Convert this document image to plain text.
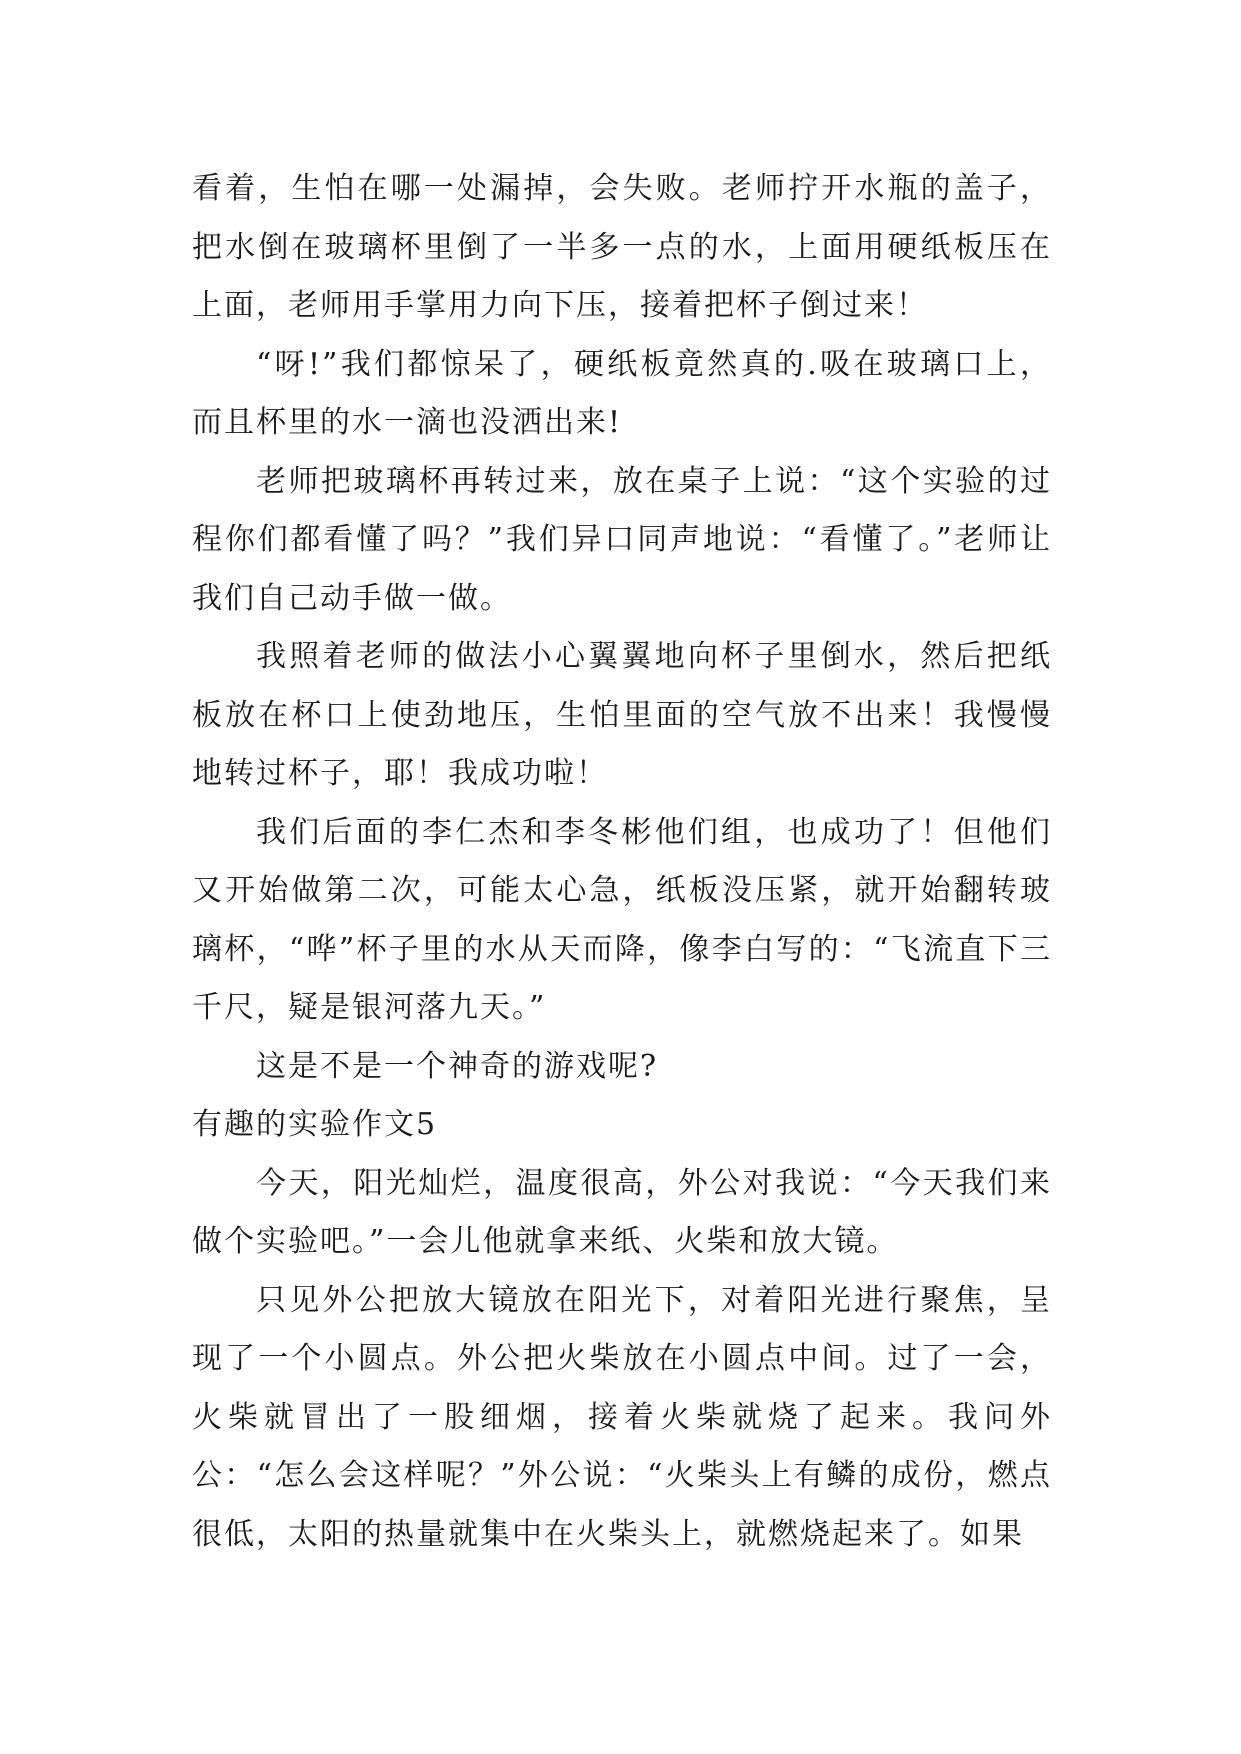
看着，生怕在哪一处漏掉，会失败。老师拧开水瓶的盖子，把水倒在玻璃杯里倒了一半多一点的水，上面用硬纸板压在上面，老师用手掌用力向下压，接着把杯子倒过来！

“呀!”我们都惊呆了，硬纸板竟然真的.吸在玻璃口上，而且杯里的水一滴也没洒出来!

老师把玻璃杯再转过来，放在桌子上说：“这个实验的过程你们都看懂了吗？”我们异口同声地说：“看懂了。”老师让我们自己动手做一做。

我照着老师的做法小心翼翼地向杯子里倒水，然后把纸板放在杯口上使劲地压，生怕里面的空气放不出来！我慢慢地转过杯子，耶！我成功啦！

我们后面的李仁杰和李冬彬他们组，也成功了！但他们又开始做第二次，可能太心急，纸板没压紧，就开始翻转玻璃杯，“哗”杯子里的水从天而降，像李白写的：“飞流直下三千尺，疑是银河落九天。”

这是不是一个神奇的游戏呢?

有趣的实验作文5

今天，阳光灿烂，温度很高，外公对我说：“今天我们来做个实验吧。”一会儿他就拿来纸、火柴和放大镜。

只见外公把放大镜放在阳光下，对着阳光进行聚焦，呈现了一个小圆点。外公把火柴放在小圆点中间。过了一会，火柴就冒出了一股细烟，接着火柴就烧了起来。我问外公：“怎么会这样呢？”外公说：“火柴头上有鳞的成份，燃点很低，太阳的热量就集中在火柴头上，就燃烧起来了。如果
